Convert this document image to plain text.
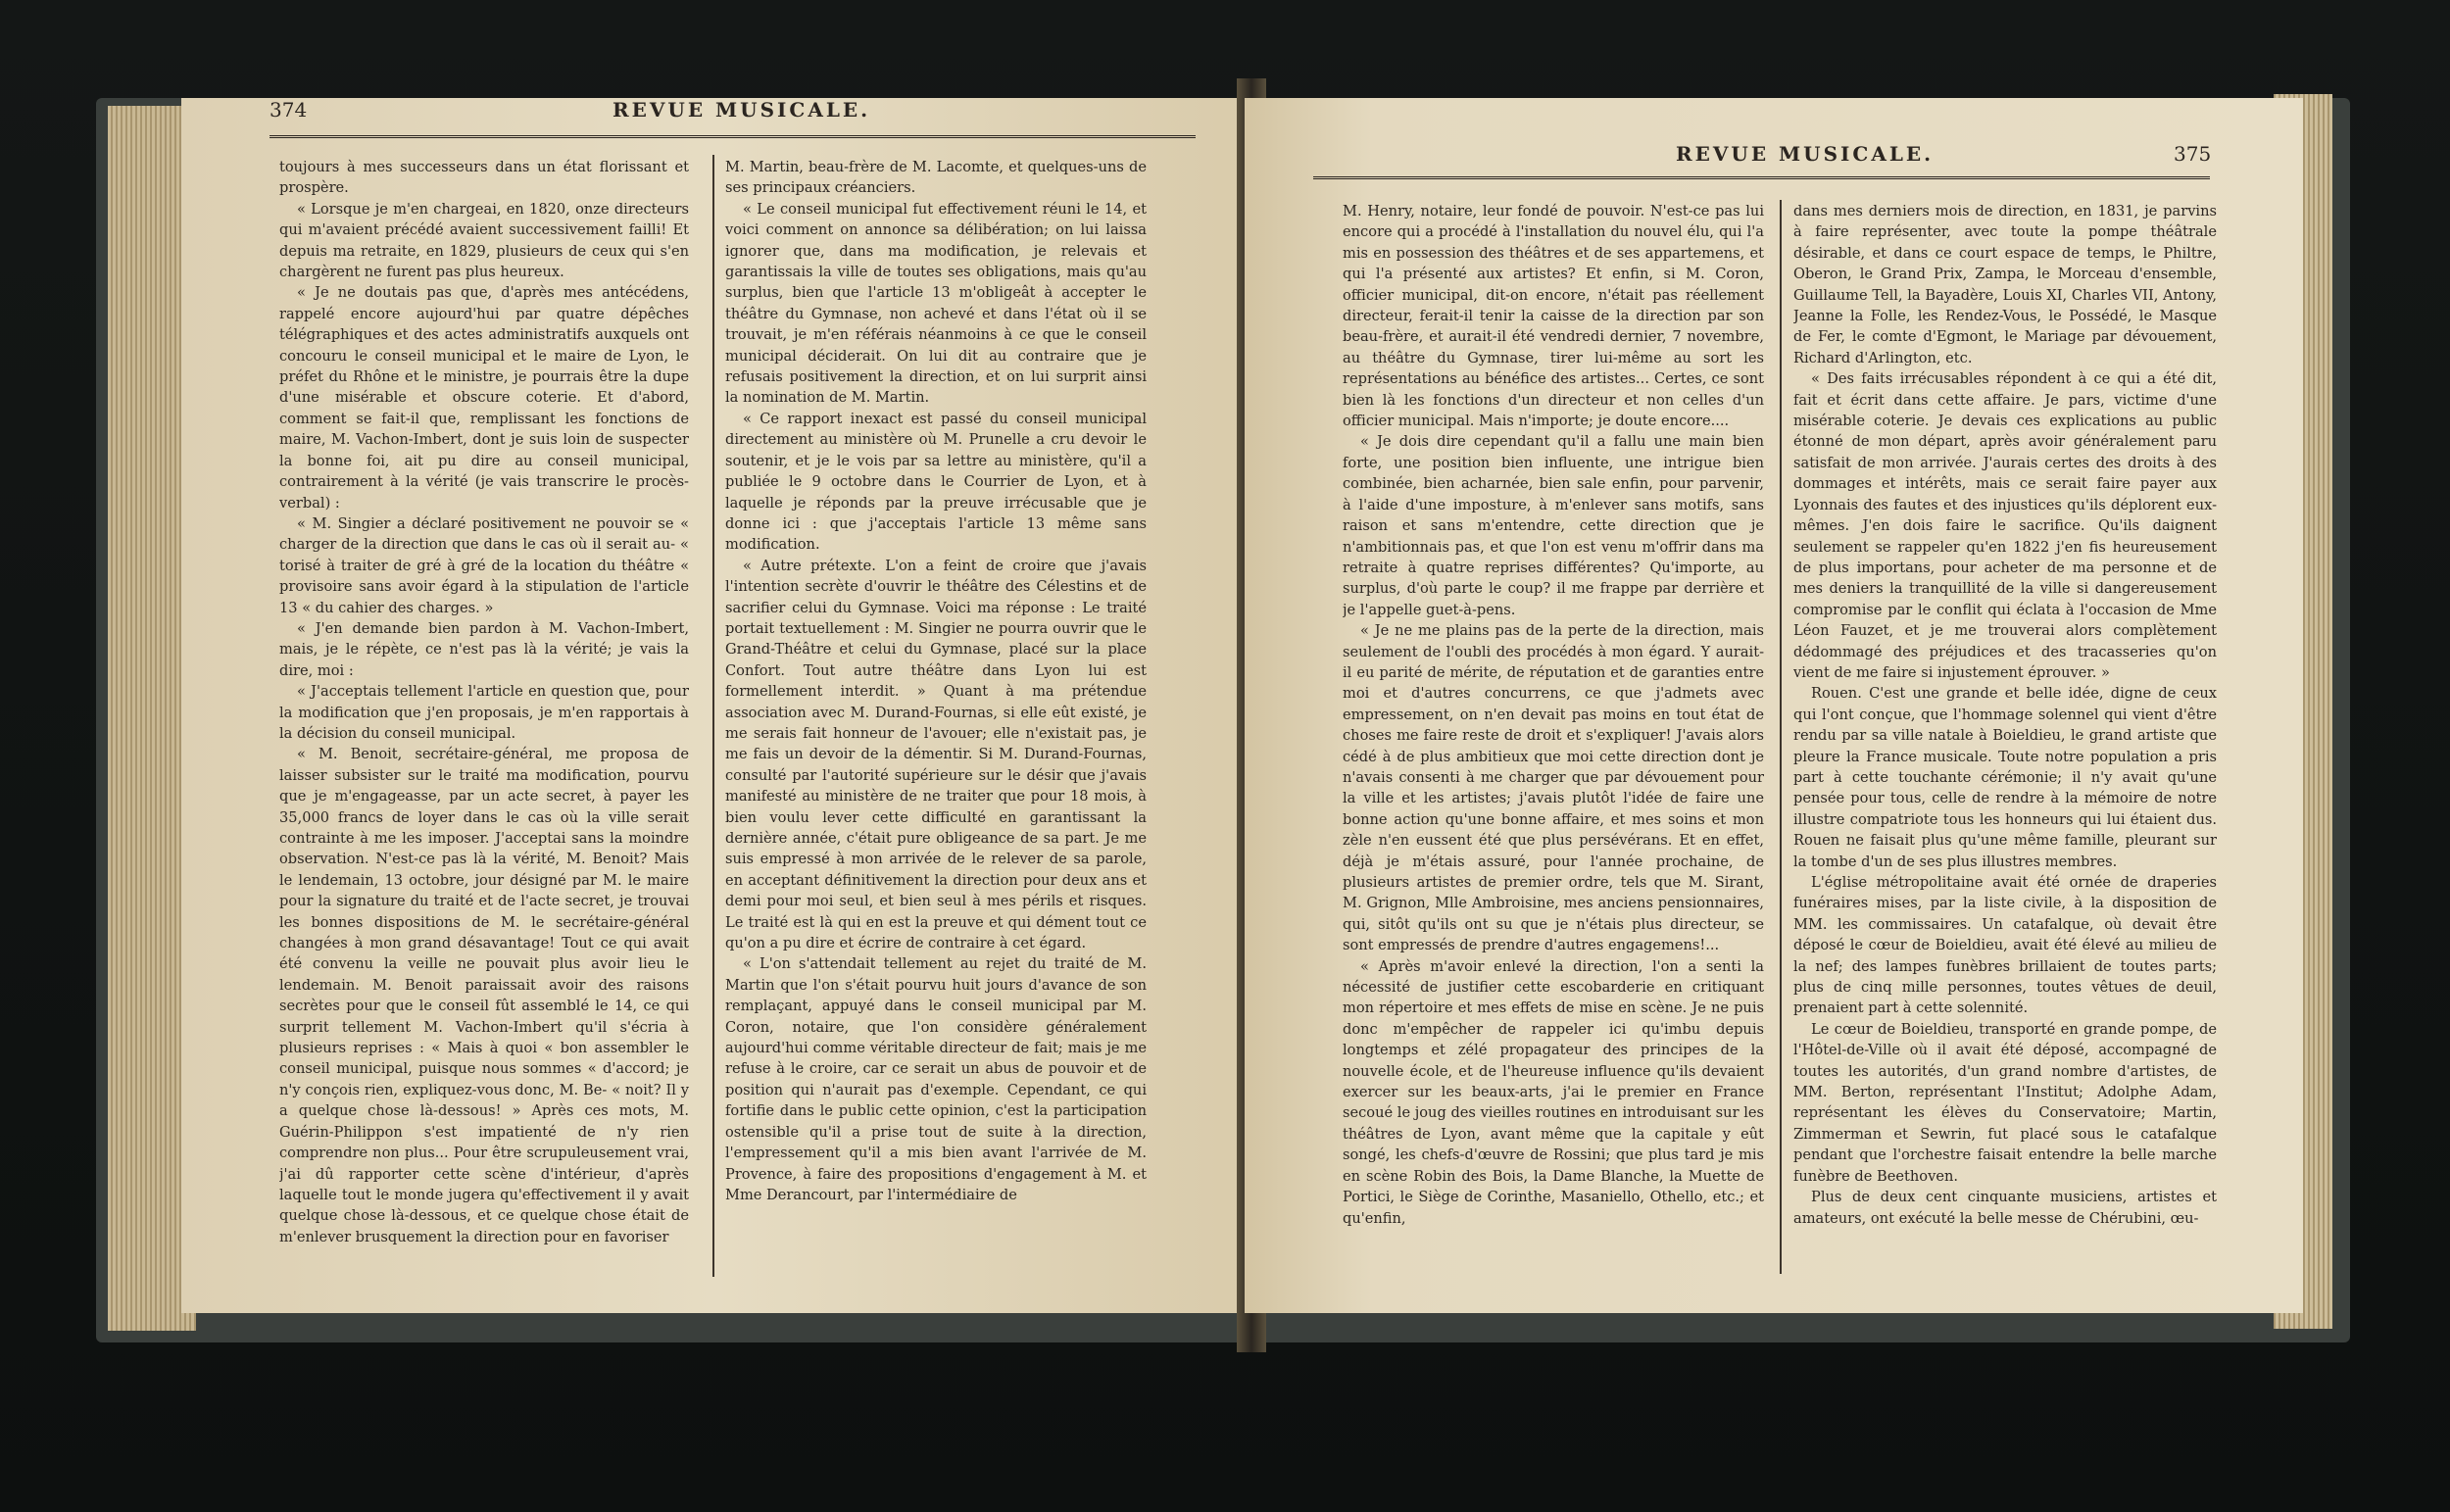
374	REVUE MUSICALE.

toujours à mes successeurs dans un état florissant et prospère.

« Lorsque je m'en chargeai, en 1820, onze directeurs qui m'avaient précédé avaient successivement failli! Et depuis ma retraite, en 1829, plusieurs de ceux qui s'en chargèrent ne furent pas plus heureux.

« Je ne doutais pas que, d'après mes antécédens, rappelé encore aujourd'hui par quatre dépêches télégraphiques et des actes administratifs auxquels ont concouru le conseil municipal et le maire de Lyon, le préfet du Rhône et le ministre, je pourrais être la dupe d'une misérable et obscure coterie. Et d'abord, comment se fait-il que, remplissant les fonctions de maire, M. Vachon-Imbert, dont je suis loin de suspecter la bonne foi, ait pu dire au conseil municipal, contrairement à la vérité (je vais transcrire le procès-verbal) :

« M. Singier a déclaré positivement ne pouvoir se « charger de la direction que dans le cas où il serait au- « torisé à traiter de gré à gré de la location du théâtre « provisoire sans avoir égard à la stipulation de l'article 13 « du cahier des charges. »

« J'en demande bien pardon à M. Vachon-Imbert, mais, je le répète, ce n'est pas là la vérité; je vais la dire, moi :

« J'acceptais tellement l'article en question que, pour la modification que j'en proposais, je m'en rapportais à la décision du conseil municipal.

« M. Benoit, secrétaire-général, me proposa de laisser subsister sur le traité ma modification, pourvu que je m'engageasse, par un acte secret, à payer les 35,000 francs de loyer dans le cas où la ville serait contrainte à me les imposer. J'acceptai sans la moindre observation. N'est-ce pas là la vérité, M. Benoit? Mais le lendemain, 13 octobre, jour désigné par M. le maire pour la signature du traité et de l'acte secret, je trouvai les bonnes dispositions de M. le secrétaire-général changées à mon grand désavantage! Tout ce qui avait été convenu la veille ne pouvait plus avoir lieu le lendemain. M. Benoit paraissait avoir des raisons secrètes pour que le conseil fût assemblé le 14, ce qui surprit tellement M. Vachon-Imbert qu'il s'écria à plusieurs reprises : « Mais à quoi « bon assembler le conseil municipal, puisque nous sommes « d'accord; je n'y conçois rien, expliquez-vous donc, M. Be- « noit? Il y a quelque chose là-dessous! » Après ces mots, M. Guérin-Philippon s'est impatienté de n'y rien comprendre non plus... Pour être scrupuleusement vrai, j'ai dû rapporter cette scène d'intérieur, d'après laquelle tout le monde jugera qu'effectivement il y avait quelque chose là-dessous, et ce quelque chose était de m'enlever brusquement la direction pour en favoriser

M. Martin, beau-frère de M. Lacomte, et quelques-uns de ses principaux créanciers.

« Le conseil municipal fut effectivement réuni le 14, et voici comment on annonce sa délibération; on lui laissa ignorer que, dans ma modification, je relevais et garantissais la ville de toutes ses obligations, mais qu'au surplus, bien que l'article 13 m'obligeât à accepter le théâtre du Gymnase, non achevé et dans l'état où il se trouvait, je m'en référais néanmoins à ce que le conseil municipal déciderait. On lui dit au contraire que je refusais positivement la direction, et on lui surprit ainsi la nomination de M. Martin.

« Ce rapport inexact est passé du conseil municipal directement au ministère où M. Prunelle a cru devoir le soutenir, et je le vois par sa lettre au ministère, qu'il a publiée le 9 octobre dans le Courrier de Lyon, et à laquelle je réponds par la preuve irrécusable que je donne ici : que j'acceptais l'article 13 même sans modification.

« Autre prétexte. L'on a feint de croire que j'avais l'intention secrète d'ouvrir le théâtre des Célestins et de sacrifier celui du Gymnase. Voici ma réponse : Le traité portait textuellement : M. Singier ne pourra ouvrir que le Grand-Théâtre et celui du Gymnase, placé sur la place Confort. Tout autre théâtre dans Lyon lui est formellement interdit. » Quant à ma prétendue association avec M. Durand-Fournas, si elle eût existé, je me serais fait honneur de l'avouer; elle n'existait pas, je me fais un devoir de la démentir. Si M. Durand-Fournas, consulté par l'autorité supérieure sur le désir que j'avais manifesté au ministère de ne traiter que pour 18 mois, à bien voulu lever cette difficulté en garantissant la dernière année, c'était pure obligeance de sa part. Je me suis empressé à mon arrivée de le relever de sa parole, en acceptant définitivement la direction pour deux ans et demi pour moi seul, et bien seul à mes périls et risques. Le traité est là qui en est la preuve et qui dément tout ce qu'on a pu dire et écrire de contraire à cet égard.

« L'on s'attendait tellement au rejet du traité de M. Martin que l'on s'était pourvu huit jours d'avance de son remplaçant, appuyé dans le conseil municipal par M. Coron, notaire, que l'on considère généralement aujourd'hui comme véritable directeur de fait; mais je me refuse à le croire, car ce serait un abus de pouvoir et de position qui n'aurait pas d'exemple. Cependant, ce qui fortifie dans le public cette opinion, c'est la participation ostensible qu'il a prise tout de suite à la direction, l'empressement qu'il a mis bien avant l'arrivée de M. Provence, à faire des propositions d'engagement à M. et Mme Derancourt, par l'intermédiaire de

REVUE MUSICALE.	375

M. Henry, notaire, leur fondé de pouvoir. N'est-ce pas lui encore qui a procédé à l'installation du nouvel élu, qui l'a mis en possession des théâtres et de ses appartemens, et qui l'a présenté aux artistes? Et enfin, si M. Coron, officier municipal, dit-on encore, n'était pas réellement directeur, ferait-il tenir la caisse de la direction par son beau-frère, et aurait-il été vendredi dernier, 7 novembre, au théâtre du Gymnase, tirer lui-même au sort les représentations au bénéfice des artistes... Certes, ce sont bien là les fonctions d'un directeur et non celles d'un officier municipal. Mais n'importe; je doute encore....

« Je dois dire cependant qu'il a fallu une main bien forte, une position bien influente, une intrigue bien combinée, bien acharnée, bien sale enfin, pour parvenir, à l'aide d'une imposture, à m'enlever sans motifs, sans raison et sans m'entendre, cette direction que je n'ambitionnais pas, et que l'on est venu m'offrir dans ma retraite à quatre reprises différentes? Qu'importe, au surplus, d'où parte le coup? il me frappe par derrière et je l'appelle guet-à-pens.

« Je ne me plains pas de la perte de la direction, mais seulement de l'oubli des procédés à mon égard. Y aurait-il eu parité de mérite, de réputation et de garanties entre moi et d'autres concurrens, ce que j'admets avec empressement, on n'en devait pas moins en tout état de choses me faire reste de droit et s'expliquer! J'avais alors cédé à de plus ambitieux que moi cette direction dont je n'avais consenti à me charger que par dévouement pour la ville et les artistes; j'avais plutôt l'idée de faire une bonne action qu'une bonne affaire, et mes soins et mon zèle n'en eussent été que plus persévérans. Et en effet, déjà je m'étais assuré, pour l'année prochaine, de plusieurs artistes de premier ordre, tels que M. Sirant, M. Grignon, Mlle Ambroisine, mes anciens pensionnaires, qui, sitôt qu'ils ont su que je n'étais plus directeur, se sont empressés de prendre d'autres engagemens!...

« Après m'avoir enlevé la direction, l'on a senti la nécessité de justifier cette escobarderie en critiquant mon répertoire et mes effets de mise en scène. Je ne puis donc m'empêcher de rappeler ici qu'imbu depuis longtemps et zélé propagateur des principes de la nouvelle école, et de l'heureuse influence qu'ils devaient exercer sur les beaux-arts, j'ai le premier en France secoué le joug des vieilles routines en introduisant sur les théâtres de Lyon, avant même que la capitale y eût songé, les chefs-d'œuvre de Rossini; que plus tard je mis en scène Robin des Bois, la Dame Blanche, la Muette de Portici, le Siège de Corinthe, Masaniello, Othello, etc.; et qu'enfin,

dans mes derniers mois de direction, en 1831, je parvins à faire représenter, avec toute la pompe théâtrale désirable, et dans ce court espace de temps, le Philtre, Oberon, le Grand Prix, Zampa, le Morceau d'ensemble, Guillaume Tell, la Bayadère, Louis XI, Charles VII, Antony, Jeanne la Folle, les Rendez-Vous, le Possédé, le Masque de Fer, le comte d'Egmont, le Mariage par dévouement, Richard d'Arlington, etc.

« Des faits irrécusables répondent à ce qui a été dit, fait et écrit dans cette affaire. Je pars, victime d'une misérable coterie. Je devais ces explications au public étonné de mon départ, après avoir généralement paru satisfait de mon arrivée. J'aurais certes des droits à des dommages et intérêts, mais ce serait faire payer aux Lyonnais des fautes et des injustices qu'ils déplorent eux-mêmes. J'en dois faire le sacrifice. Qu'ils daignent seulement se rappeler qu'en 1822 j'en fis heureusement de plus importans, pour acheter de ma personne et de mes deniers la tranquillité de la ville si dangereusement compromise par le conflit qui éclata à l'occasion de Mme Léon Fauzet, et je me trouverai alors complètement dédommagé des préjudices et des tracasseries qu'on vient de me faire si injustement éprouver. »

Rouen. C'est une grande et belle idée, digne de ceux qui l'ont conçue, que l'hommage solennel qui vient d'être rendu par sa ville natale à Boieldieu, le grand artiste que pleure la France musicale. Toute notre population a pris part à cette touchante cérémonie; il n'y avait qu'une pensée pour tous, celle de rendre à la mémoire de notre illustre compatriote tous les honneurs qui lui étaient dus. Rouen ne faisait plus qu'une même famille, pleurant sur la tombe d'un de ses plus illustres membres.

L'église métropolitaine avait été ornée de draperies funéraires mises, par la liste civile, à la disposition de MM. les commissaires. Un catafalque, où devait être déposé le cœur de Boieldieu, avait été élevé au milieu de la nef; des lampes funèbres brillaient de toutes parts; plus de cinq mille personnes, toutes vêtues de deuil, prenaient part à cette solennité.

Le cœur de Boieldieu, transporté en grande pompe, de l'Hôtel-de-Ville où il avait été déposé, accompagné de toutes les autorités, d'un grand nombre d'artistes, de MM. Berton, représentant l'Institut; Adolphe Adam, représentant les élèves du Conservatoire; Martin, Zimmerman et Sewrin, fut placé sous le catafalque pendant que l'orchestre faisait entendre la belle marche funèbre de Beethoven.

Plus de deux cent cinquante musiciens, artistes et amateurs, ont exécuté la belle messe de Chérubini, œu-
